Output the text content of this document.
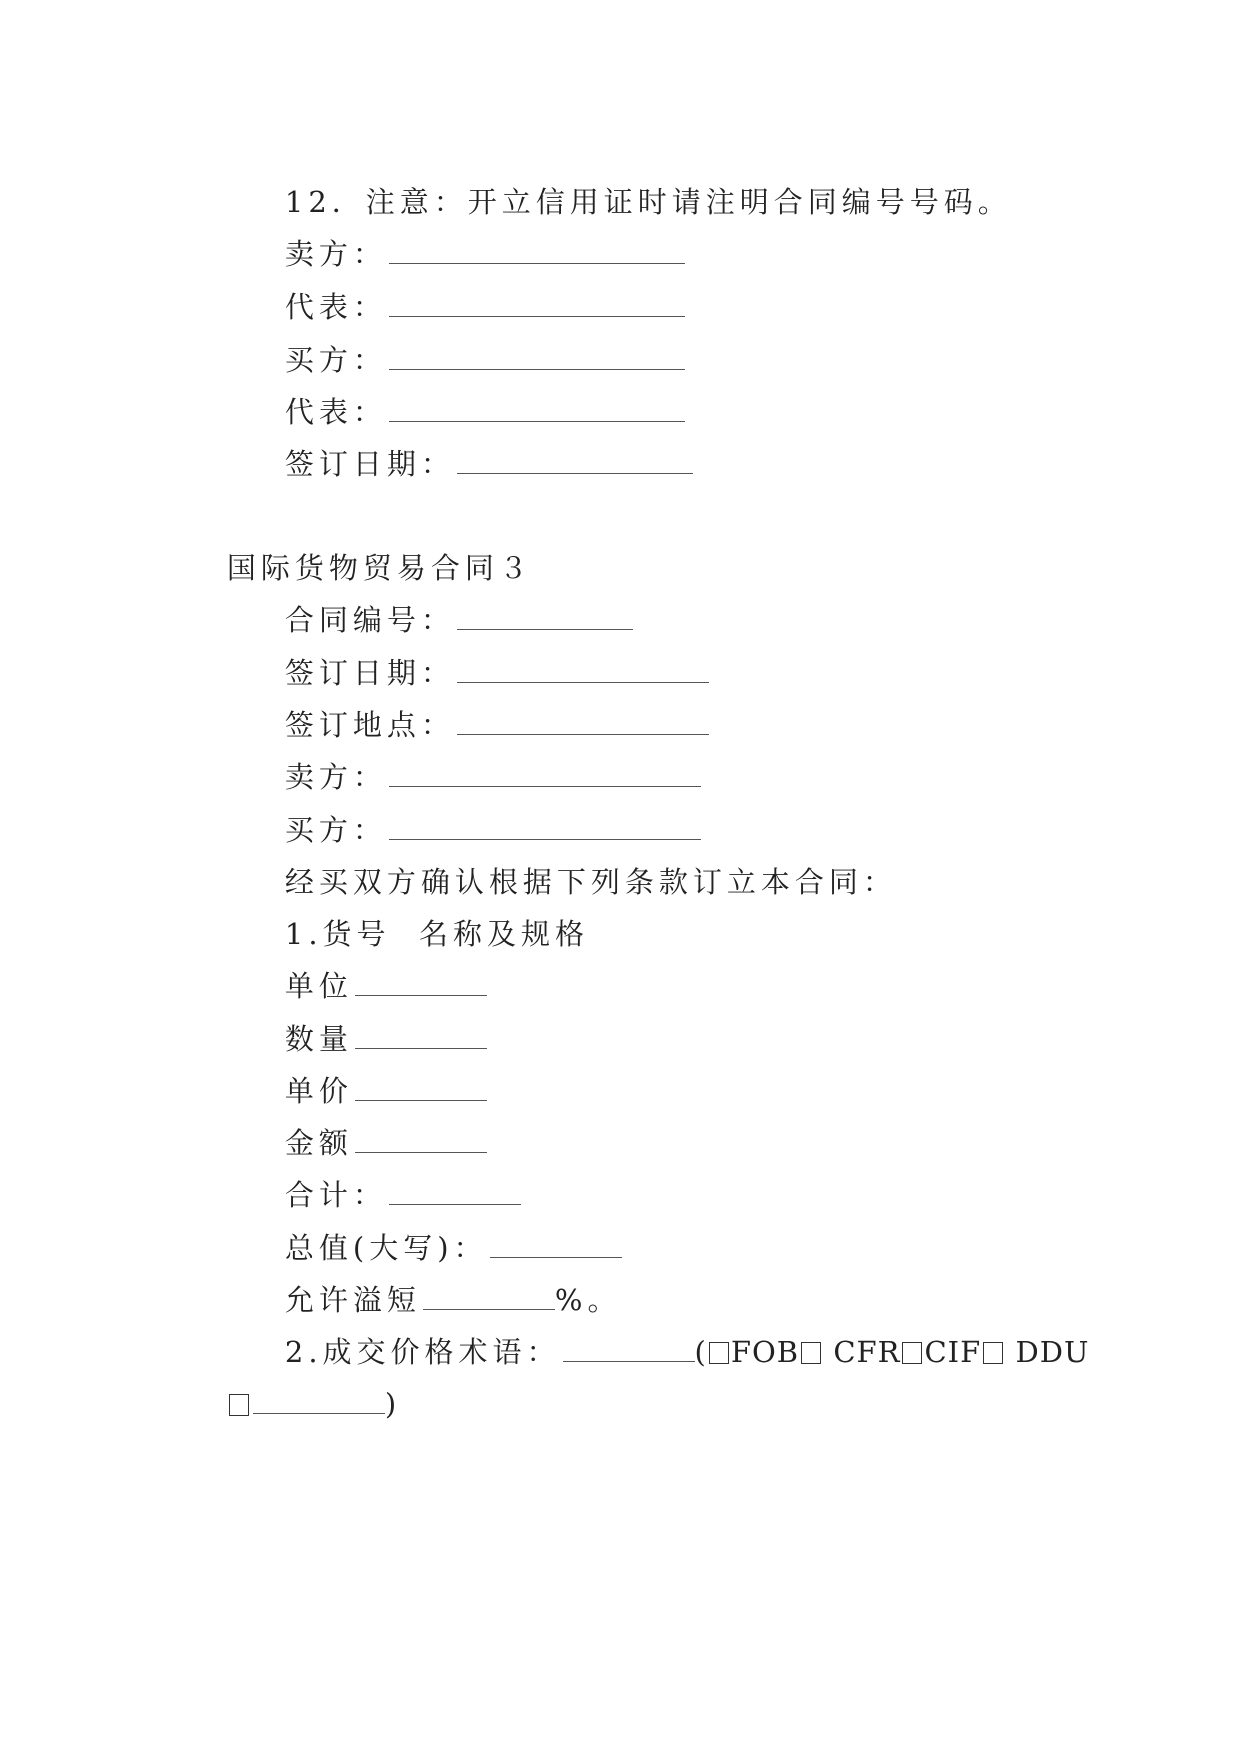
12．注意：开立信用证时请注明合同编号号码。

卖方：

代表：

买方：

代表：

签订日期：

国际货物贸易合同３

合同编号：

签订日期：

签订地点：

卖方：

买方：

经买双方确认根据下列条款订立本合同：

1.货号  名称及规格

单位

数量

单价

金额

合计：

总值(大写)：

允许溢短	%。

2.成交价格术语：	( FOB CFR CIF DDU

)
